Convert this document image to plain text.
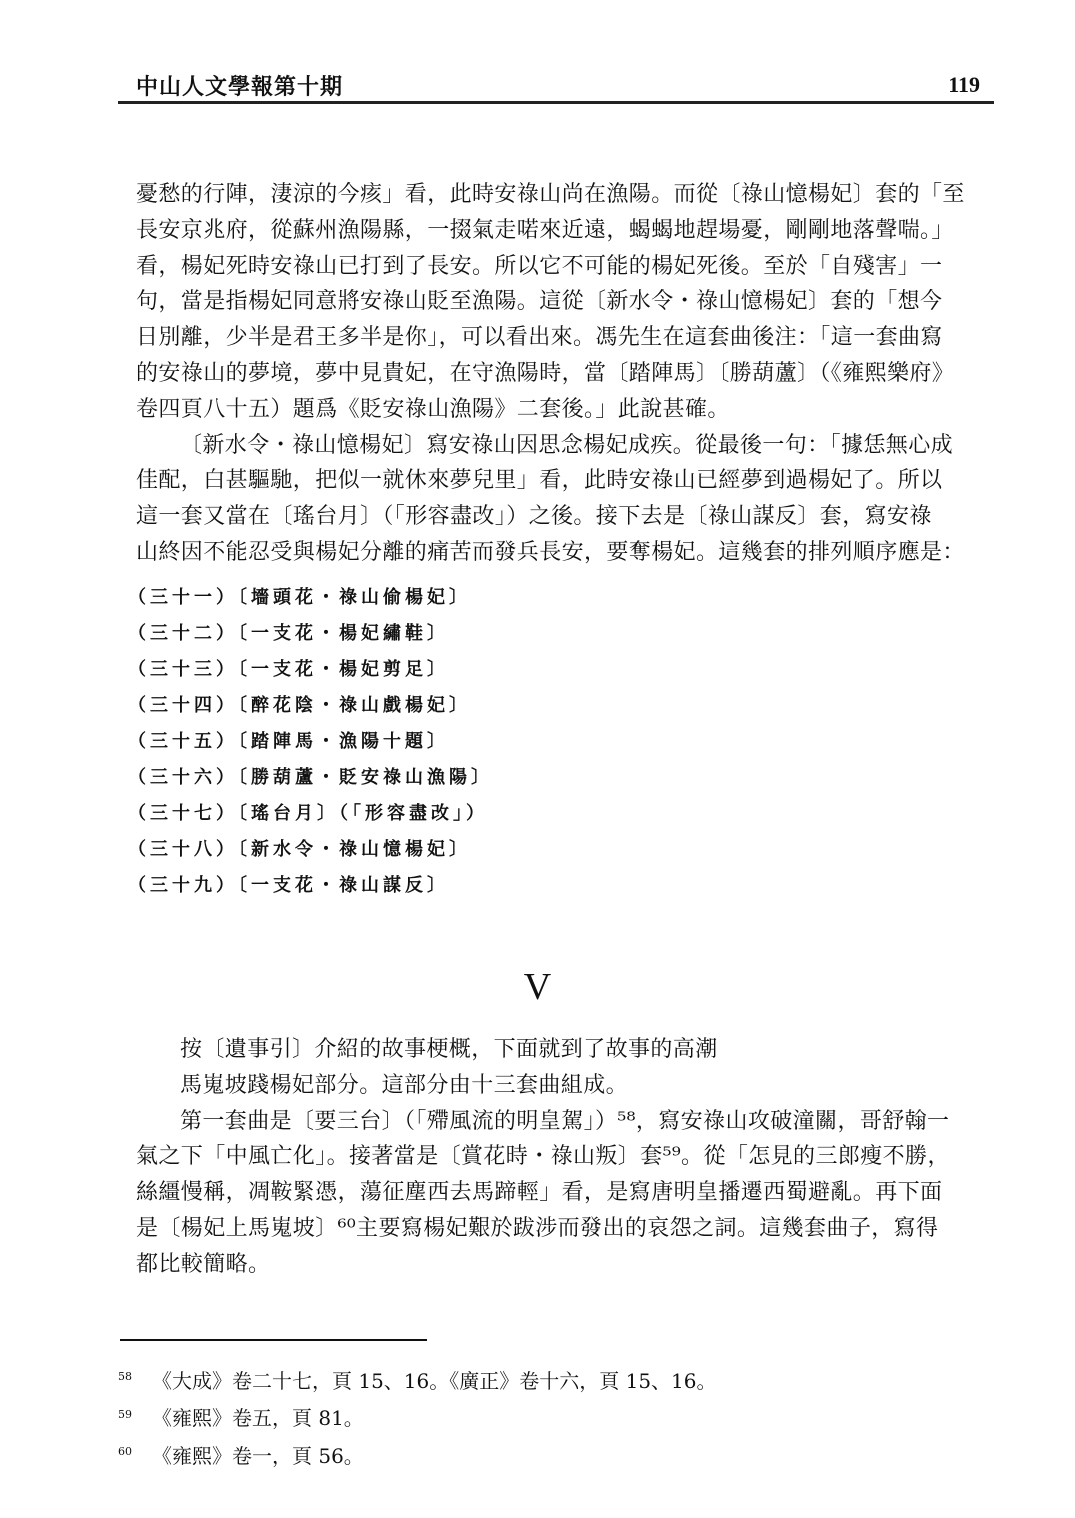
中山人文學報第十期	119
憂愁的行陣，淒涼的今痎」看，此時安祿山尚在漁陽。而從〔祿山憶楊妃〕套的「至
長安京兆府，從蘇州漁陽縣，一掇氣走喏來近遠，蝎蝎地趕場憂，剛剛地落聲喘。」
看，楊妃死時安祿山已打到了長安。所以它不可能的楊妃死後。至於「自殘害」一
句，當是指楊妃同意將安祿山貶至漁陽。這從〔新水令・祿山憶楊妃〕套的「想今
日別離，少半是君王多半是你」，可以看出來。馮先生在這套曲後注：「這一套曲寫
的安祿山的夢境，夢中見貴妃，在守漁陽時，當〔踏陣馬〕〔勝葫蘆〕（《雍熙樂府》
卷四頁八十五）題爲《貶安祿山漁陽》二套後。」此說甚確。
〔新水令・祿山憶楊妃〕寫安祿山因思念楊妃成疾。從最後一句：「據恁無心成
佳配，白甚驅馳，把似一就休來夢兒里」看，此時安祿山已經夢到過楊妃了。所以
這一套又當在〔瑤台月〕（「形容盡改」）之後。接下去是〔祿山謀反〕套，寫安祿
山終因不能忍受與楊妃分離的痛苦而發兵長安，要奪楊妃。這幾套的排列順序應是：
（三十一）〔墻頭花・祿山偷楊妃〕
（三十二）〔一支花・楊妃繡鞋〕
（三十三）〔一支花・楊妃剪足〕
（三十四）〔醉花陰・祿山戲楊妃〕
（三十五）〔踏陣馬・漁陽十題〕
（三十六）〔勝葫蘆・貶安祿山漁陽〕
（三十七）〔瑤台月〕（「形容盡改」）
（三十八）〔新水令・祿山憶楊妃〕
（三十九）〔一支花・祿山謀反〕
V
按〔遺事引〕介紹的故事梗概，下面就到了故事的高潮
馬嵬坡踐楊妃部分。這部分由十三套曲組成。
第一套曲是〔要三台〕（「殢風流的明皇駕」）⁵⁸，寫安祿山攻破潼關，哥舒翰一
氣之下「中風亡化」。接著當是〔賞花時・祿山叛〕套⁵⁹。從「怎見的三郎瘦不勝，
絲繮慢稱，凋鞍緊憑，蕩征塵西去馬蹄輕」看，是寫唐明皇播遷西蜀避亂。再下面
是〔楊妃上馬嵬坡〕⁶⁰主要寫楊妃艱於跋涉而發出的哀怨之詞。這幾套曲子，寫得
都比較簡略。
58 《大成》卷二十七，頁 15、16。《廣正》卷十六，頁 15、16。
59 《雍熙》卷五，頁 81。
60 《雍熙》卷一，頁 56。
